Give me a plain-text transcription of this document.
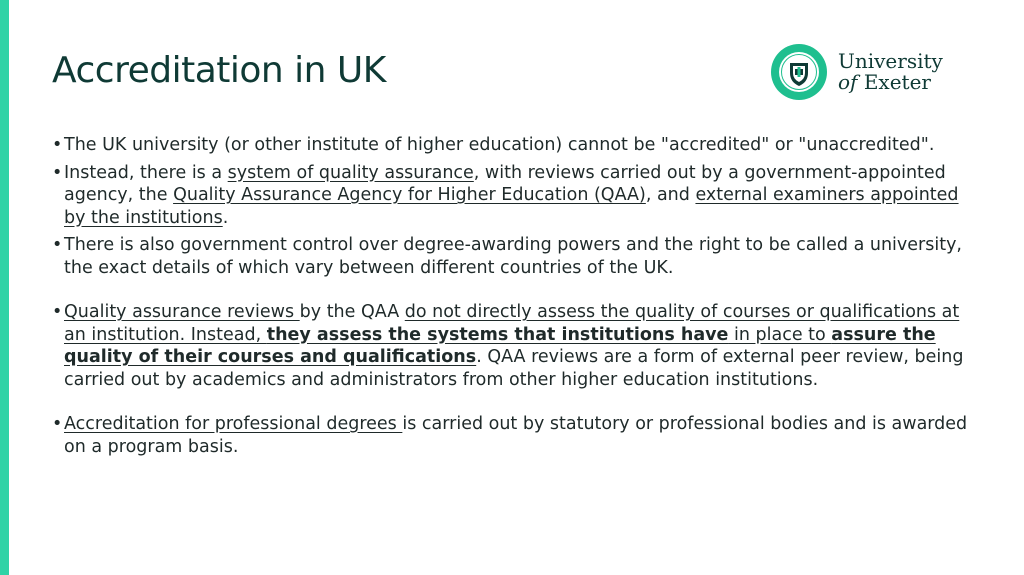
Accreditation in UK	University
of Exeter
• The UK university (or other institute of higher education) cannot be "accredited" or "unaccredited".
• Instead, there is a system of quality assurance, with reviews carried out by a government-appointed agency, the Quality Assurance Agency for Higher Education (QAA), and external examiners appointed by the institutions.
• There is also government control over degree-awarding powers and the right to be called a university, the exact details of which vary between different countries of the UK.
• Quality assurance reviews by the QAA do not directly assess the quality of courses or qualifications at an institution. Instead, they assess the systems that institutions have in place to assure the quality of their courses and qualifications. QAA reviews are a form of external peer review, being carried out by academics and administrators from other higher education institutions.
• Accreditation for professional degrees is carried out by statutory or professional bodies and is awarded on a program basis.
